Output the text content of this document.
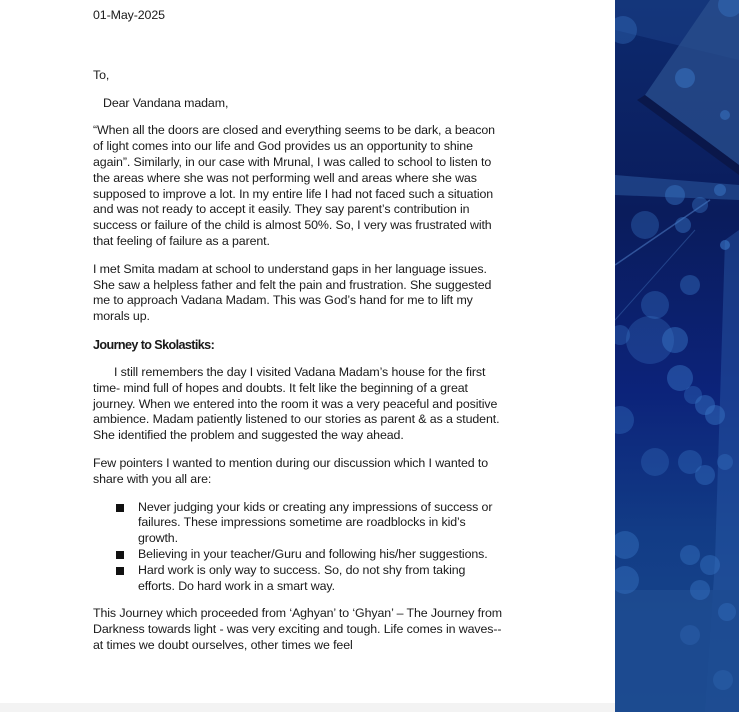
01-May-2025

To,

Dear Vandana madam,

“When all the doors are closed and everything seems to be dark, a beacon of light comes into our life and God provides us an opportunity to shine again”. Similarly, in our case with Mrunal, I was called to school to listen to the areas where she was not performing well and areas where she was supposed to improve a lot. In my entire life I had not faced such a situation and was not ready to accept it easily. They say parent’s contribution in success or failure of the child is almost 50%. So, I very was frustrated with that feeling of failure as a parent.

I met Smita madam at school to understand gaps in her language issues. She saw a helpless father and felt the pain and frustration. She suggested me to approach Vadana Madam. This was God’s hand for me to lift my morals up.

Journey to Skolastiks:

I still remembers the day I visited Vadana Madam’s house for the first time- mind full of hopes and doubts. It felt like the beginning of a great journey. When we entered into the room it was a very peaceful and positive ambience. Madam patiently listened to our stories as parent & as a student. She identified the problem and suggested the way ahead.

Few pointers I wanted to mention during our discussion which I wanted to share with you all are:

Never judging your kids or creating any impressions of success or failures. These impressions sometime are roadblocks in kid’s growth.
Believing in your teacher/Guru and following his/her suggestions.
Hard work is only way to success. So, do not shy from taking efforts. Do hard work in a smart way.

This Journey which proceeded from ‘Aghyan’ to ‘Ghyan’ – The Journey from Darkness towards light - was very exciting and tough. Life comes in waves--at times we doubt ourselves, other times we feel
